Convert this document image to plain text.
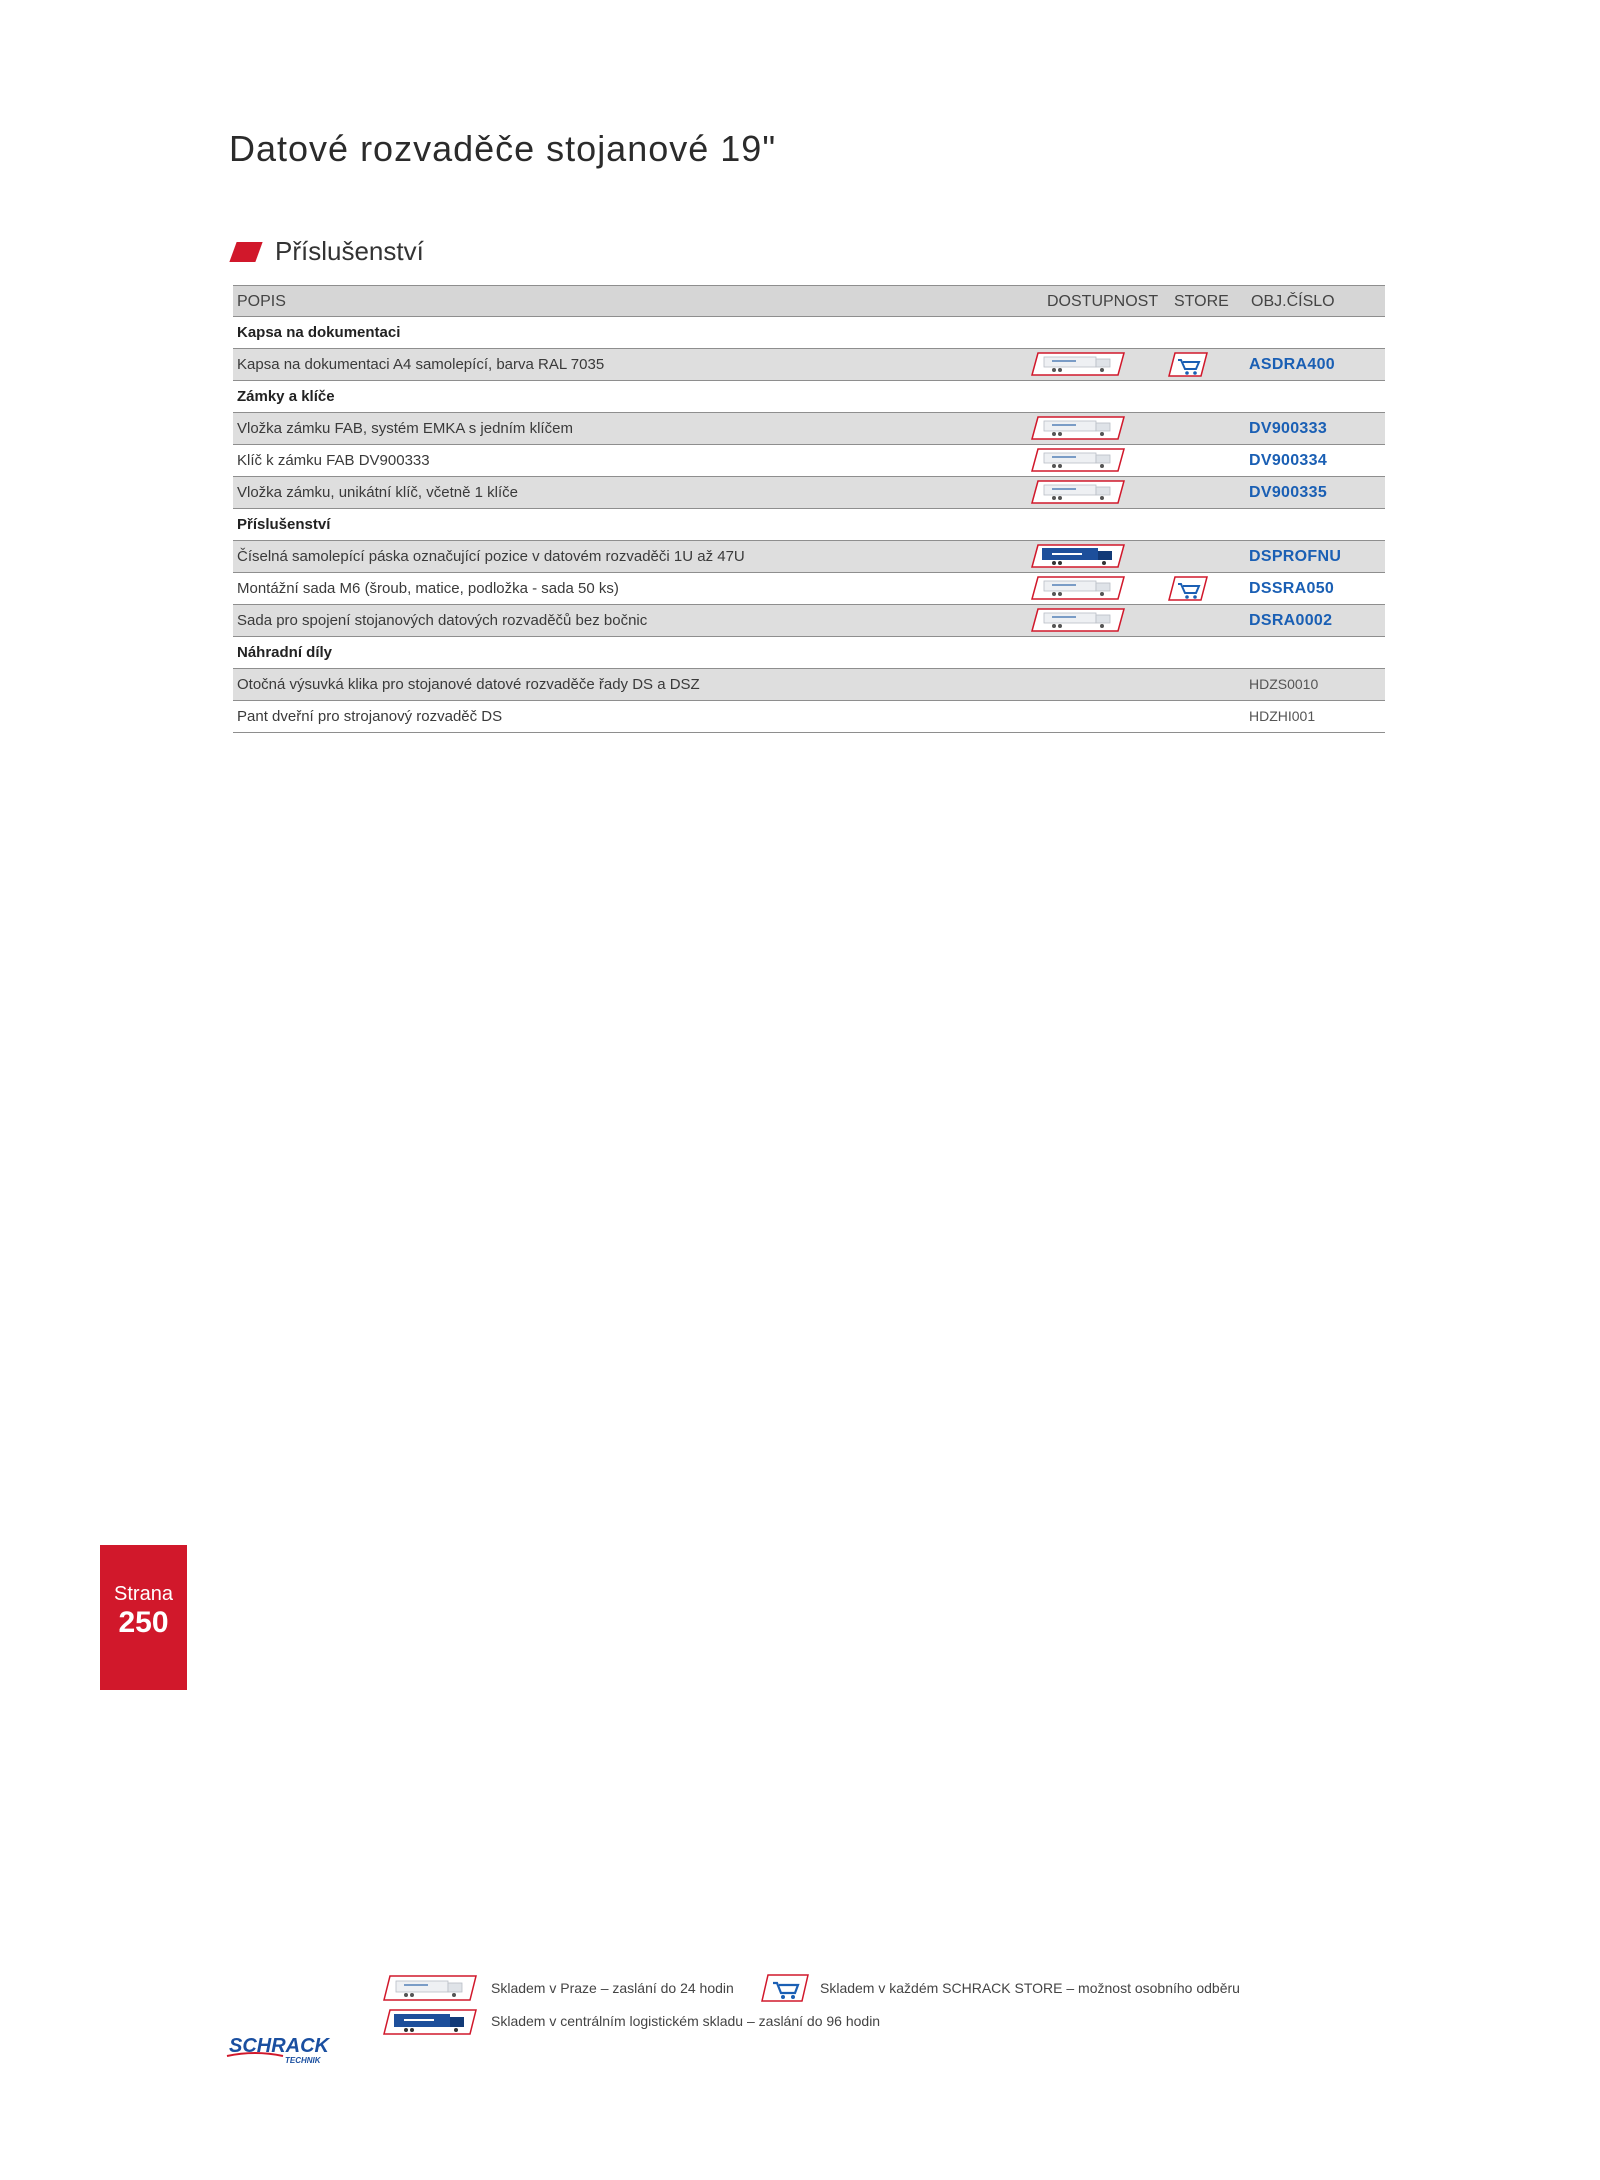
Datové rozvaděče stojanové 19"
Příslušenství
POPIS	DOSTUPNOST STORE OBJ.ČÍSLO
Kapsa na dokumentaci
Kapsa na dokumentaci A4 samolepící, barva RAL 7035	ASDRA400
Zámky a klíče
Vložka zámku FAB, systém EMKA s jedním klíčem	DV900333
Klíč k zámku FAB DV900333	DV900334
Vložka zámku, unikátní klíč, včetně 1 klíče	DV900335
Příslušenství
Číselná samolepící páska označující pozice v datovém rozvaděči 1U až 47U	DSPROFNU
Montážní sada M6 (šroub, matice, podložka - sada 50 ks)	DSSRA050
Sada pro spojení stojanových datových rozvaděčů bez bočnic	DSRA0002
Náhradní díly
Otočná výsuvká klika pro stojanové datové rozvaděče řady DS a DSZ	HDZS0010
Pant dveřní pro strojanový rozvaděč DS	HDZHI001
Strana
250
Skladem v Praze – zaslání do 24 hodin	Skladem v každém SCHRACK STORE – možnost osobního odběru
Skladem v centrálním logistickém skladu – zaslání do 96 hodin
SCHRACK
TECHNIK
